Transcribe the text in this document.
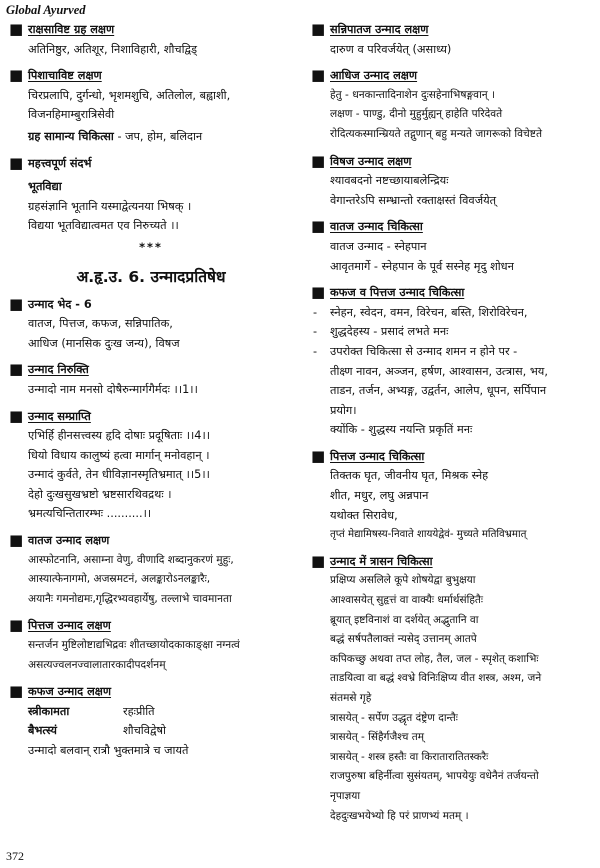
Global Ayurved
■ राक्षसाविष्ट ग्रह लक्षण
अतिनिष्ठुर, अतिशूर, निशाविहारी, शौचद्विड्
■ पिशाचाविष्ट लक्षण
चिरप्रलापि, दुर्गन्धो, भृशमशुचि, अतिलोल, बह्वाशी,
विजनहिमाम्बुरात्रिसेवी
ग्रह सामान्य चिकित्सा - जप, होम, बलिदान
■ महत्त्वपूर्ण संदर्भ
भूतविद्या
ग्रहसंज्ञानि भूतानि यस्माद्वेत्यनया भिषक् ।
विद्यया भूतविद्यात्वमत एव निरुच्यते ।।
***
अ.हृ.उ. 6. उन्मादप्रतिषेध
■ उन्माद भेद - 6
वातज, पित्तज, कफज, सन्निपातिक,
आधिज (मानसिक दुःख जन्य), विषज
■ उन्माद निरुक्ति
उन्मादो नाम मनसो दोषैरुन्मार्गगैर्मदः ।।1।।
■ उन्माद सम्प्राप्ति
एभिर्हि हीनसत्त्वस्य हृदि दोषाः प्रदूषिताः ।।4।।
धियो विधाय कालुष्यं हत्वा मार्गान् मनोवहान् ।
उन्मादं कुर्वते, तेन धीविज्ञानस्मृतिभ्रमात् ।।5।।
देहो दुःखसुखभ्रष्टो भ्रष्टसारथिवद्रथः ।
भ्रमत्यचिन्तितारम्भः ..........।।
■ वातज उन्माद लक्षण
आस्फोटनानि, असाम्ना वेणु, वीणादि शब्दानुकरणं मुहुः,
आस्यात्फेनागमो, अजस्रमटनं, अलङ्कारोऽनलङ्कारैः,
अयानैः गमनोद्यमः,गृद्धिरभ्यवहार्येषु, तल्लाभे चावमानता
■ पित्तज उन्माद लक्षण
सन्तर्जन मुष्टिलोष्टाद्यभिद्रवः शीतच्छायोदकाकाङ्क्षा नग्नत्वं
असत्यज्वलनज्वालातारकादीपदर्शनम्
■ कफज उन्माद लक्षण
स्त्रीकामता	रहःप्रीति
बैभत्स्यं	शौचविद्वेषो
उन्मादो बलवान् रात्रौ भुक्तमात्रे च जायते
■ सन्निपातज उन्माद लक्षण
दारुण व परिवर्जयेत् (असाध्य)
■ आधिज उन्माद लक्षण
हेतु - धनकान्तादिनाशेन दुःसहेनाभिषङ्गवान् ।
लक्षण - पाण्डु, दीनो मुहुर्मुह्यन् हाहेति परिदेवते
रोदित्यकस्मान्म्रियते तद्गुणान् बहु मन्यते जागरूको विचेष्टते
■ विषज उन्माद लक्षण
श्यावबदनो नष्टच्छायाबलेन्द्रियः
वेगान्तरेऽपि सम्भ्रान्तो रक्ताक्षस्तं विवर्जयेत्
■ वातज उन्माद चिकित्सा
वातज उन्माद - स्नेहपान
आवृतमार्गे - स्नेहपान के पूर्व सस्नेह मृदु शोधन
■ कफज व पित्तज उन्माद चिकित्सा
- स्नेहन, स्वेदन, वमन, विरेचन, बस्ति, शिरोविरेचन,
- शुद्धदेहस्य - प्रसादं लभते मनः
- उपरोक्त चिकित्सा से उन्माद शमन न होने पर -
तीक्ष्ण नावन, अञ्जन, हर्षण, आश्वासन, उत्त्रास, भय,
ताडन, तर्जन, अभ्यङ्ग, उद्वर्तन, आलेप, धूपन, सर्पिपान
प्रयोग।
क्योंकि - शुद्धस्य नयन्ति प्रकृतिं मनः
■ पित्तज उन्माद चिकित्सा
तिक्तक घृत, जीवनीय घृत, मिश्रक स्नेह
शीत, मधुर, लघु अन्नपान
यथोक्त सिरावेध,
तृप्तं मेद्यामिषस्य-निवाते शाययेद्वेवं- मुच्यते मतिविभ्रमात्
■ उन्माद में त्रासन चिकित्सा
प्रक्षिप्य असलिले कूपे शोषयेद्वा बुभुक्षया
आश्वासयेत् सुहृत्तं वा वाक्यैः धर्मार्थसंहितैः
ब्रूयात् इष्टविनाशं वा दर्शयेत् अद्भुतानि वा
बद्धं सर्षपतैलाक्तं न्यसेद् उत्तानम् आतपे
कपिकच्छु अथवा तप्त लोह, तैल, जल - स्पृशेत् कशाभिः
ताडयित्वा वा बद्धं श्वभ्रे विनिःक्षिप्य वीत शस्त्र, अश्म, जने
संतमसे गृहे
त्रासयेत् - सर्पेण उद्धृत दंष्ट्रेण दान्तैः
त्रासयेत् - सिंहैर्गजैश्च तम्
त्रासयेत् - शस्त्र हस्तैः वा किरातारातितस्करैः
राजपुरुषा बहिर्नीत्वा सुसंयतम्, भापयेयुः वधेनैनं तर्जयन्तो
नृपाज्ञया
देहदुःखभयेभ्यो हि परं प्राणभ्यं मतम् ।
372
